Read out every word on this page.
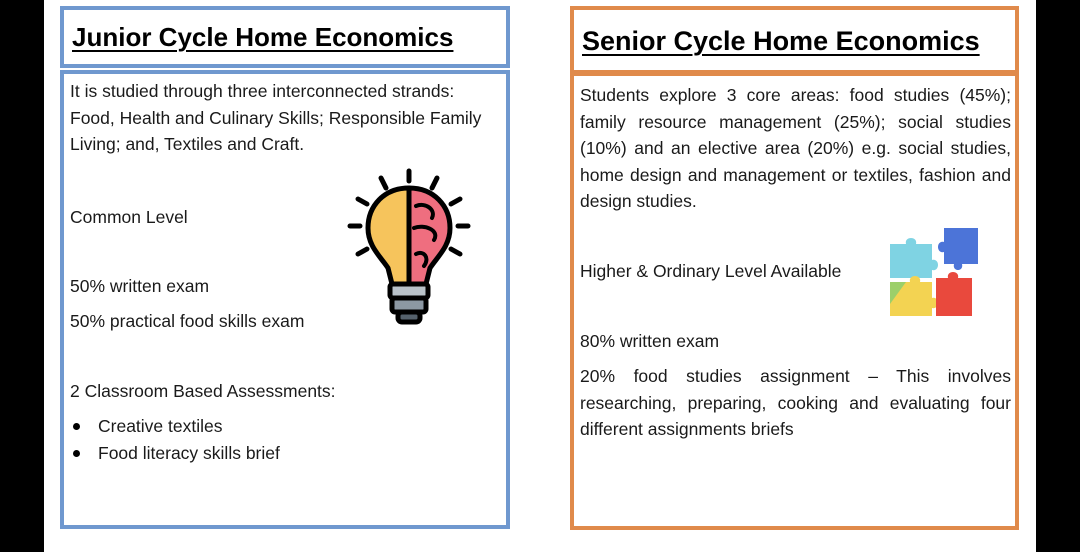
Junior Cycle Home Economics
It is studied through three interconnected strands: Food, Health and Culinary Skills; Responsible Family Living; and, Textiles and Craft.
Common Level
50% written exam
50% practical food skills exam
2 Classroom Based Assessments:
Creative textiles
Food literacy skills brief
Senior Cycle Home Economics
Students explore 3 core areas: food studies (45%); family resource management (25%); social studies (10%) and an elective area (20%) e.g. social studies, home design and management or textiles, fashion and design studies.
Higher & Ordinary Level Available
80% written exam
20% food studies assignment – This involves researching, preparing, cooking and evaluating four different assignments briefs
